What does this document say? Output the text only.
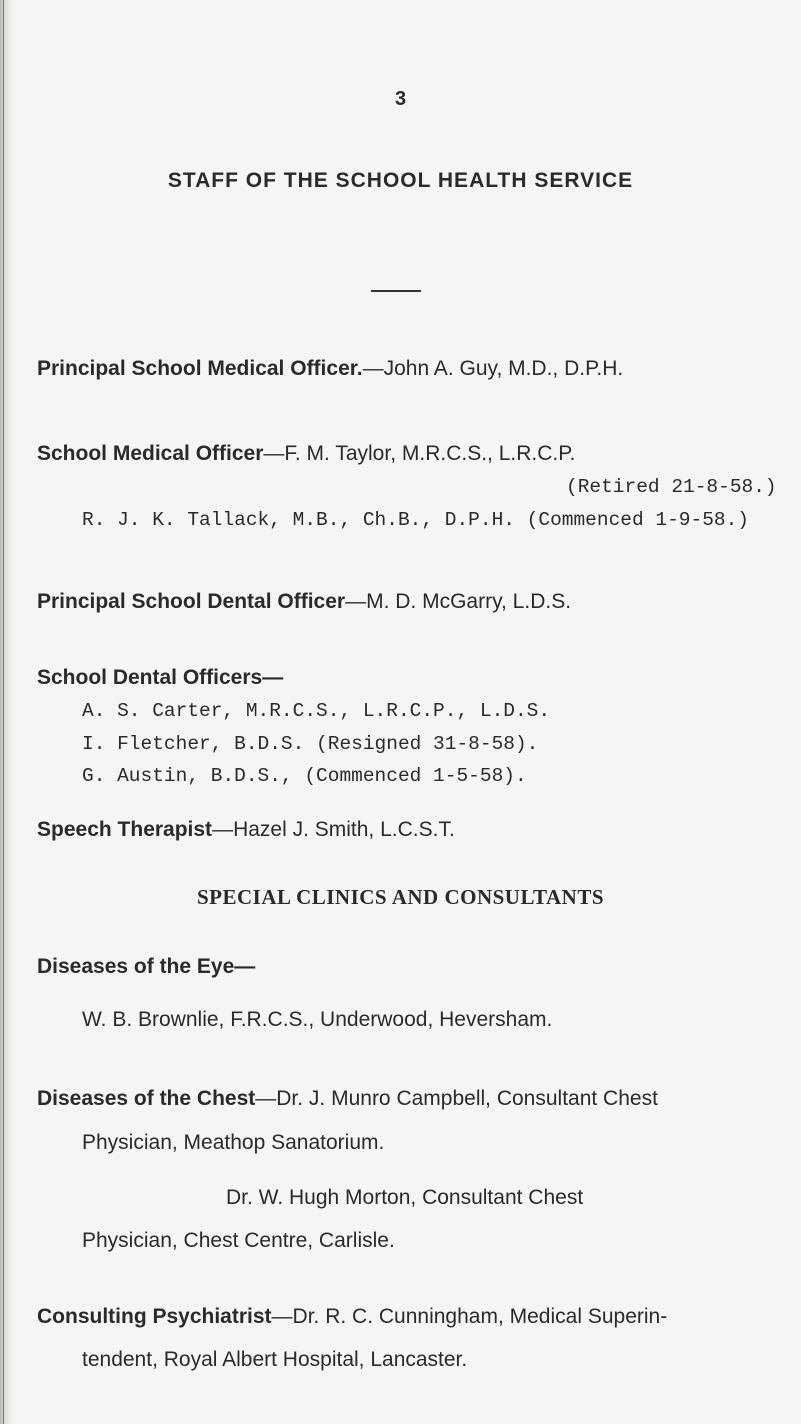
3
STAFF OF THE SCHOOL HEALTH SERVICE
Principal School Medical Officer.—John A. Guy, M.D., D.P.H.
School Medical Officer—F. M. Taylor, M.R.C.S., L.R.C.P.
(Retired 21-8-58.)
R. J. K. Tallack, M.B., Ch.B., D.P.H. (Commenced 1-9-58.)
Principal School Dental Officer—M. D. McGarry, L.D.S.
School Dental Officers—
A. S. Carter, M.R.C.S., L.R.C.P., L.D.S.
I. Fletcher, B.D.S. (Resigned 31-8-58).
G. Austin, B.D.S., (Commenced 1-5-58).
Speech Therapist—Hazel J. Smith, L.C.S.T.
SPECIAL CLINICS AND CONSULTANTS
Diseases of the Eye—
W. B. Brownlie, F.R.C.S., Underwood, Heversham.
Diseases of the Chest—Dr. J. Munro Campbell, Consultant Chest
Physician, Meathop Sanatorium.
Dr. W. Hugh Morton, Consultant Chest
Physician, Chest Centre, Carlisle.
Consulting Psychiatrist—Dr. R. C. Cunningham, Medical Superin-
tendent, Royal Albert Hospital, Lancaster.
